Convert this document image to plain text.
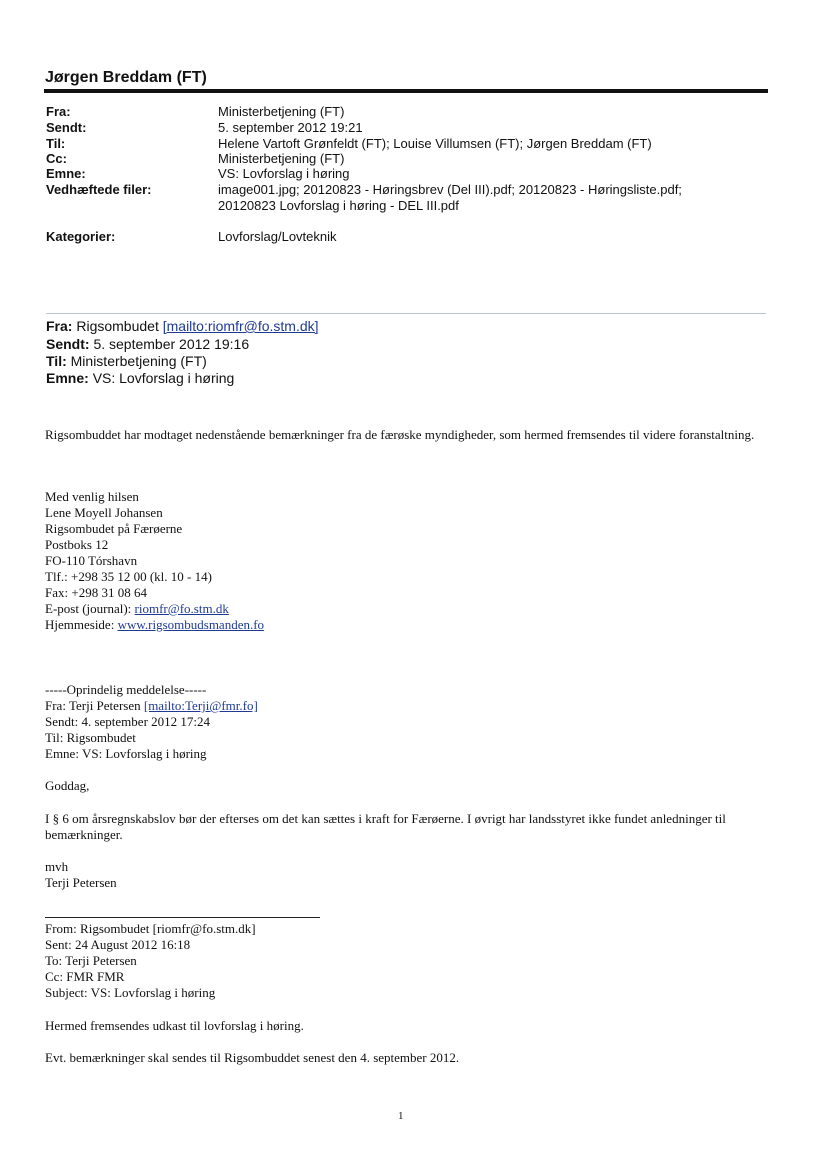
Jørgen Breddam (FT)
Fra:	Ministerbetjening (FT)
Sendt:	5. september 2012 19:21
Til:	Helene Vartoft Grønfeldt (FT); Louise Villumsen (FT); Jørgen Breddam (FT)
Cc:	Ministerbetjening (FT)
Emne:	VS: Lovforslag i høring
Vedhæftede filer:	image001.jpg; 20120823 - Høringsbrev (Del III).pdf; 20120823 - Høringsliste.pdf;
20120823 Lovforslag i høring - DEL III.pdf
Kategorier:	Lovforslag/Lovteknik
Fra: Rigsombudet [mailto:riomfr@fo.stm.dk]
Sendt: 5. september 2012 19:16
Til: Ministerbetjening (FT)
Emne: VS: Lovforslag i høring
Rigsombuddet har modtaget nedenstående bemærkninger fra de færøske myndigheder, som hermed fremsendes til videre foranstaltning.
Med venlig hilsen
Lene Moyell Johansen
Rigsombudet på Færøerne
Postboks 12
FO-110 Tórshavn
Tlf.: +298 35 12 00 (kl. 10 - 14)
Fax: +298 31 08 64
E-post (journal): riomfr@fo.stm.dk
Hjemmeside: www.rigsombudsmanden.fo
-----Oprindelig meddelelse-----
Fra: Terji Petersen [mailto:Terji@fmr.fo]
Sendt: 4. september 2012 17:24
Til: Rigsombudet
Emne: VS: Lovforslag i høring
Goddag,
I § 6 om årsregnskabslov bør der efterses om det kan sættes i kraft for Færøerne. I øvrigt har landsstyret ikke fundet anledninger til bemærkninger.
mvh
Terji Petersen
From: Rigsombudet [riomfr@fo.stm.dk]
Sent: 24 August 2012 16:18
To: Terji Petersen
Cc: FMR FMR
Subject: VS: Lovforslag i høring
Hermed fremsendes udkast til lovforslag i høring.
Evt. bemærkninger skal sendes til Rigsombuddet senest den 4. september 2012.
1
